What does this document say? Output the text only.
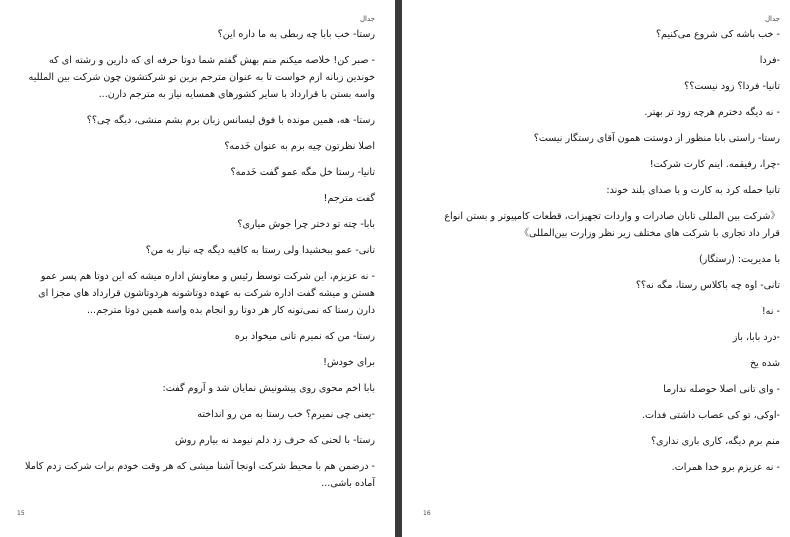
جدال

رستا- خب بابا چه ربطی به ما داره این؟

- صبر کن! خلاصه میکنم منم بهش گفتم شما دوتا حرفه ای که دارین و رشته ای که خوندین زبانه ازم خواست تا به عنوان مترجم برین تو شرکتشون چون شرکت بین المللیه واسه بستن با قرارداد با سایر کشورهای همسایه نیاز به مترجم دارن...

رستا- هه، همین مونده با فوق لیسانس زبان برم بشم منشی، دیگه چی؟؟

اصلا نظرتون چیه برم به عنوان خَدمه؟

تانیا- رستا خل مگه عمو گفت خَدمه؟

گفت مترجم!

بابا- چته تو دختر چرا جوش میاری؟

تانی- عمو ببخشیدا ولی رستا به کافیه دیگه چه نیاز به من؟

- نه عزیزم، این شرکت توسط رئیس و معاونش اداره میشه که این دوتا هم پسر عمو هستن و میشه گفت اداره شرکت به عهده دوتاشونه هردوتاشون قرارداد های مجزا ای دارن رستا که نمی‌تونه کار هر دوتا رو انجام بده واسه همین دوتا مترجم...

رستا- من که نمیرم تانی میخواد بره

برای خودش!

بابا اخم محوی روی پیشونیش نمایان شد و آروم گفت:

-یعنی چی نمیرم؟ خب رستا به من رو انداخته

رستا- با لحنی که حرف زد دلم نیومد نه بیارم روش

- درضمن هم با محیط شرکت اونجا آشنا میشی که هر وقت خودم برات شرکت زدم کاملا آماده باشی...

15
جدال

- خب باشه کی شروع می‌کنیم؟

-فردا

تانیا- فردا؟ زود نیست؟؟

- نه دیگه دخترم هرچه زود تر بهتر.

رستا- راستی بابا منظور از دوستت همون آقای رستگار نیست؟

-چرا، رفیقمه. اینم کارت شرکت!

تانیا حمله کرد به کارت و با صدای بلند خوند:

《شرکت بین المللی تابان صادرات و واردات تجهیزات، قطعات کامپیوتر و بستن انواع قرار داد تجاری با شرکت های مختلف زیر نظر وزارت بین‌المللی》

با مدیریت: (رستگار)

تانی- اوه چه باکلاس رستا، مگه نه؟؟

- نه!

-درد بابا، باز

شده یخ

- وای تانی اصلا حوصله ندارما

-اوکی، تو کی عصاب داشتی فدات.

منم برم دیگه، کاری باری نداری؟

- نه عزیزم برو خدا همرات.

16
